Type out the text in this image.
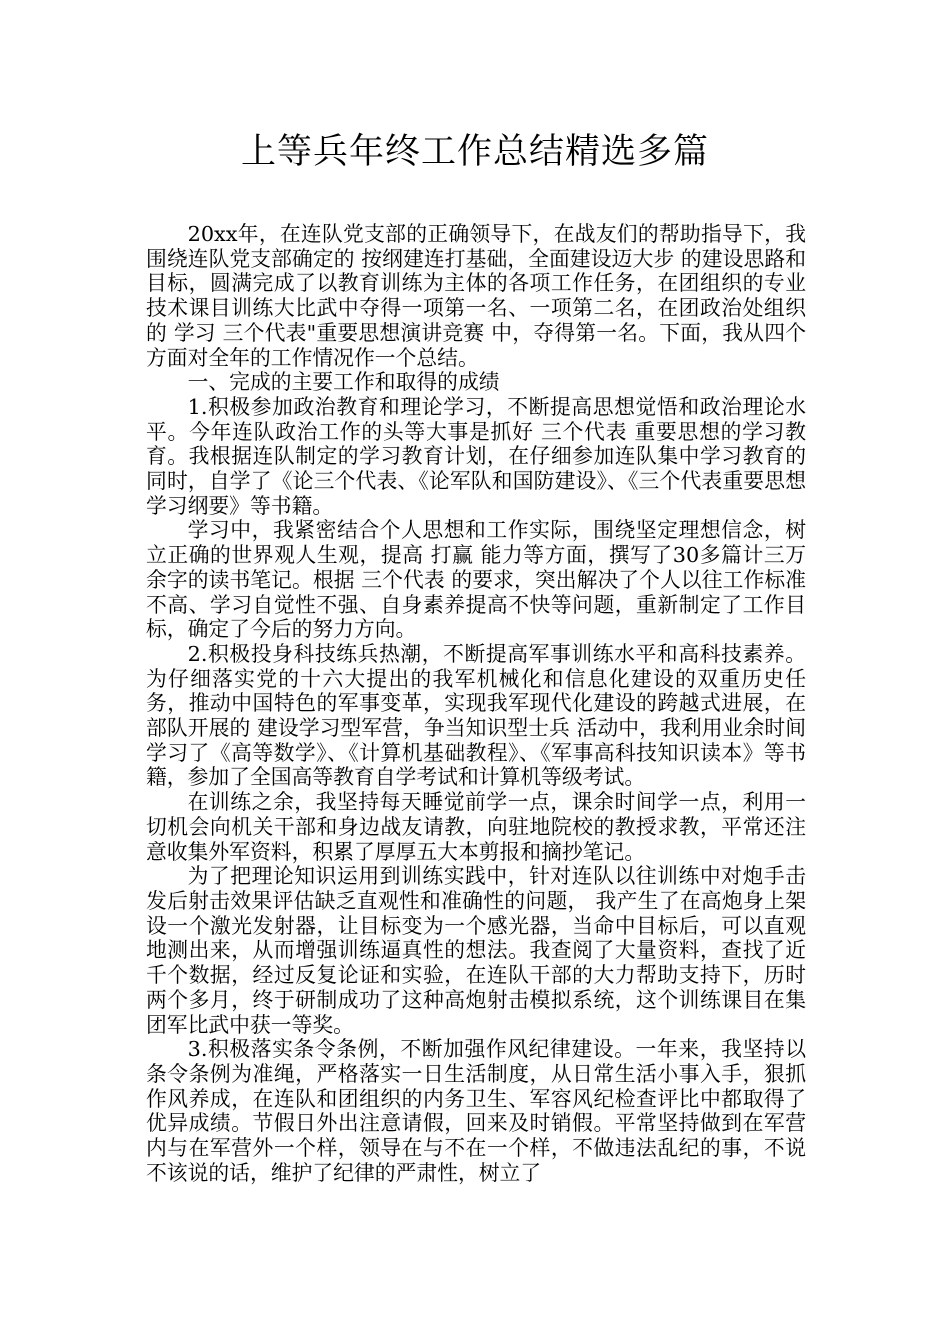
上等兵年终工作总结精选多篇

20xx年，在连队党支部的正确领导下，在战友们的帮助指导下，我围绕连队党支部确定的 按纲建连打基础，全面建设迈大步 的建设思路和目标，圆满完成了以教育训练为主体的各项工作任务，在团组织的专业技术课目训练大比武中夺得一项第一名、一项第二名，在团政治处组织的 学习 三个代表"重要思想演讲竞赛 中，夺得第一名。下面，我从四个方面对全年的工作情况作一个总结。

一、完成的主要工作和取得的成绩

1.积极参加政治教育和理论学习，不断提高思想觉悟和政治理论水平。今年连队政治工作的头等大事是抓好 三个代表 重要思想的学习教育。我根据连队制定的学习教育计划，在仔细参加连队集中学习教育的同时，自学了《论三个代表、《论军队和国防建设》、《三个代表重要思想学习纲要》等书籍。

学习中，我紧密结合个人思想和工作实际，围绕坚定理想信念，树立正确的世界观人生观，提高 打赢 能力等方面，撰写了30多篇计三万余字的读书笔记。根据 三个代表 的要求，突出解决了个人以往工作标准不高、学习自觉性不强、自身素养提高不快等问题，重新制定了工作目标，确定了今后的努力方向。

2.积极投身科技练兵热潮，不断提高军事训练水平和高科技素养。为仔细落实党的十六大提出的我军机械化和信息化建设的双重历史任务，推动中国特色的军事变革，实现我军现代化建设的跨越式进展，在部队开展的 建设学习型军营，争当知识型士兵 活动中，我利用业余时间学习了《高等数学》、《计算机基础教程》、《军事高科技知识读本》等书籍，参加了全国高等教育自学考试和计算机等级考试。

在训练之余，我坚持每天睡觉前学一点，课余时间学一点，利用一切机会向机关干部和身边战友请教，向驻地院校的教授求教，平常还注意收集外军资料，积累了厚厚五大本剪报和摘抄笔记。

为了把理论知识运用到训练实践中，针对连队以往训练中对炮手击发后射击效果评估缺乏直观性和准确性的问题， 我产生了在高炮身上架设一个激光发射器，让目标变为一个感光器，当命中目标后，可以直观地测出来，从而增强训练逼真性的想法。我查阅了大量资料，查找了近千个数据，经过反复论证和实验，在连队干部的大力帮助支持下，历时两个多月，终于研制成功了这种高炮射击模拟系统，这个训练课目在集团军比武中获一等奖。

3.积极落实条令条例，不断加强作风纪律建设。一年来，我坚持以条令条例为准绳，严格落实一日生活制度，从日常生活小事入手，狠抓作风养成，在连队和团组织的内务卫生、军容风纪检查评比中都取得了优异成绩。节假日外出注意请假，回来及时销假。平常坚持做到在军营内与在军营外一个样，领导在与不在一个样，不做违法乱纪的事，不说不该说的话，维护了纪律的严肃性，树立了
